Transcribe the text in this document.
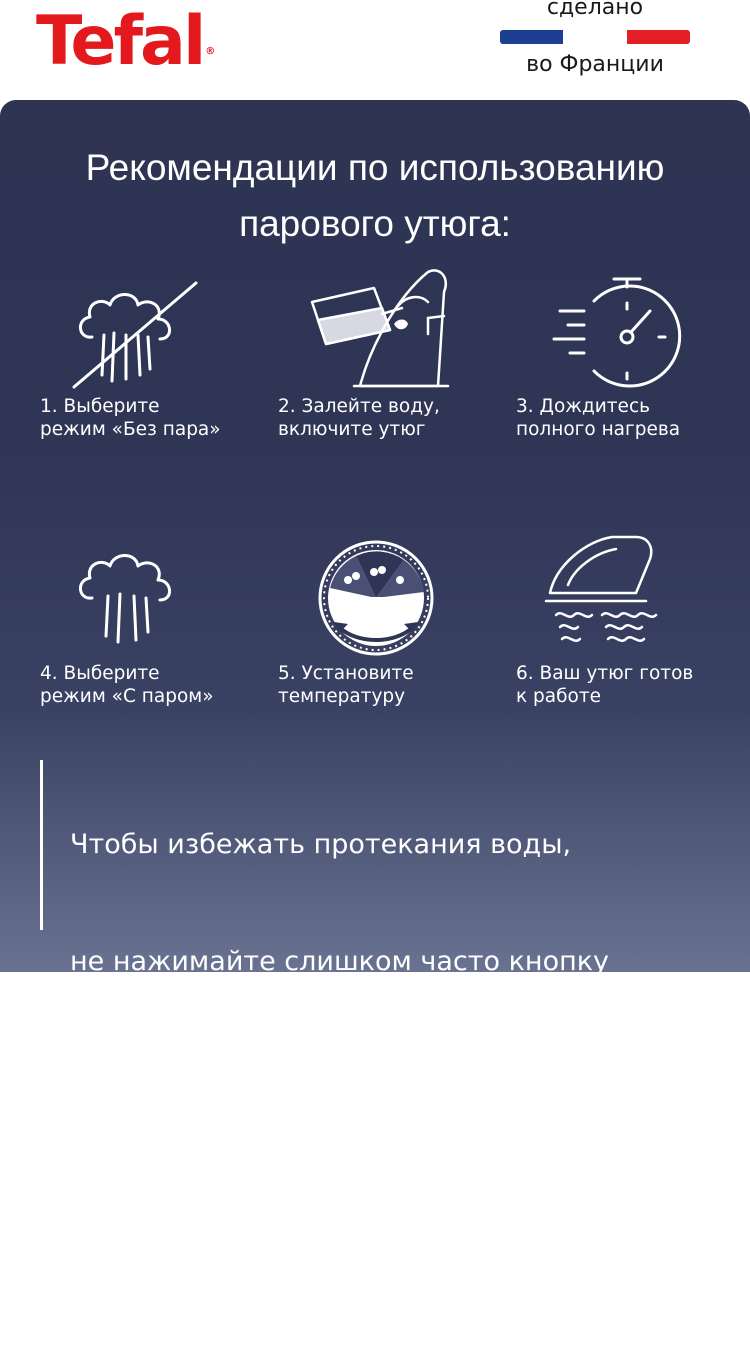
Tefal ®
сделано
во Франции
Рекомендации по использованию
парового утюга:
1. Выберите
режим «Без пара»
2. Залейте воду,
включите утюг
3. Дождитесь
полного нагрева
4. Выберите
режим «С паром»
5. Установите
температуру
6. Ваш утюг готов
к работе

Чтобы избежать протекания воды,

не нажимайте слишком часто кнопку

парового удара. При частых нажатиях

пар не успевает образовываться в паровой

камере.
